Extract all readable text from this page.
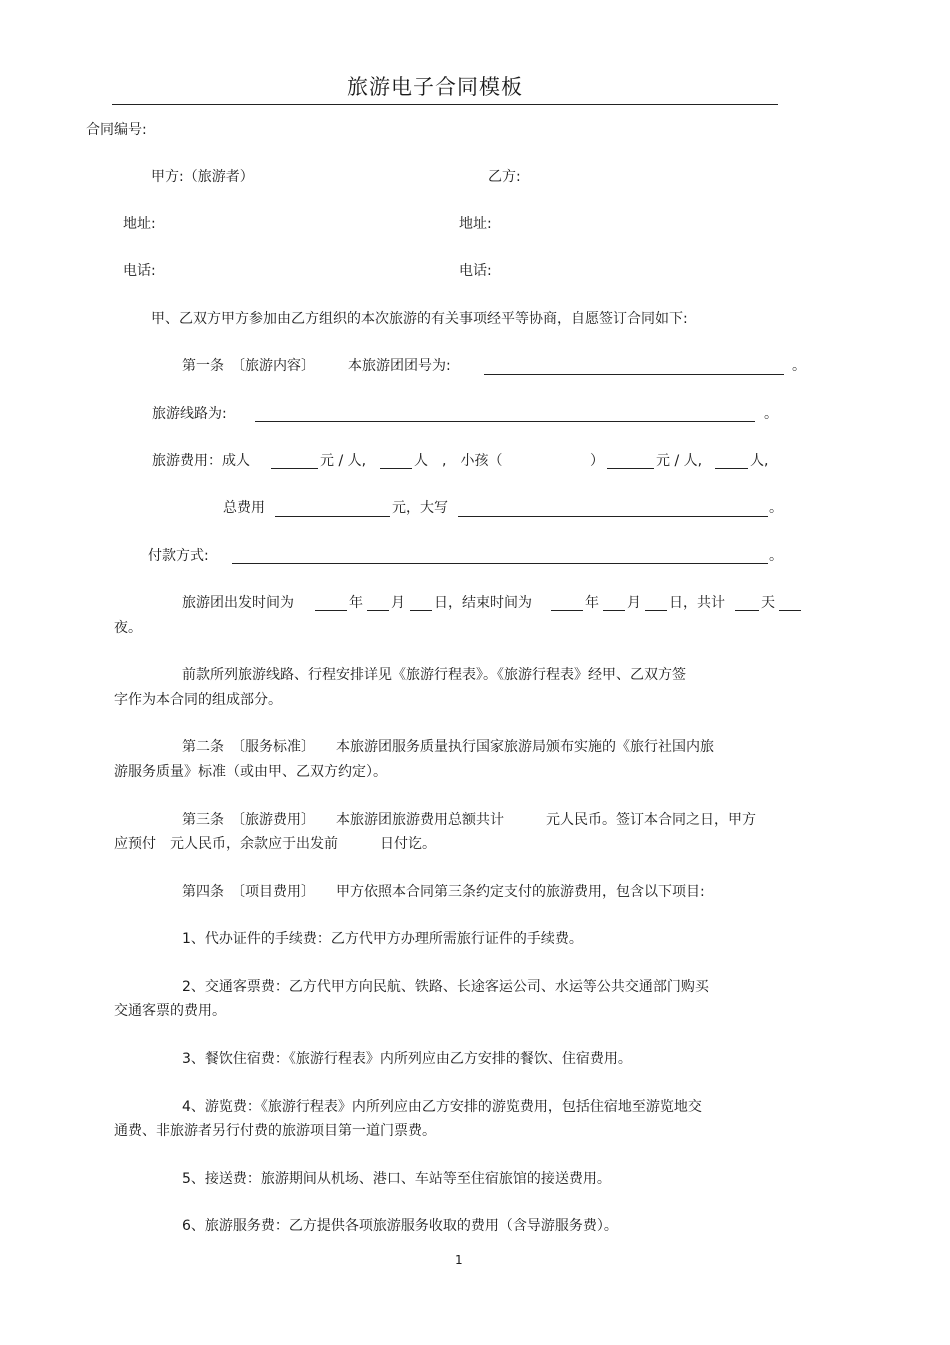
旅游电子合同模板
合同编号:
甲方:（旅游者）	乙方:
地址:	地址:
电话:	电话:
甲、乙双方甲方参加由乙方组织的本次旅游的有关事项经平等协商，自愿签订合同如下:
第一条　〔旅游内容〕 本旅游团团号为:	。
旅游线路为:	。
旅游费用：成人	元 / 人,	人　,　小孩（	）	元 / 人,	人,
总费用	元，大写	。
付款方式:	。
旅游团出发时间为	年 月 日，结束时间为	年 月 日，共计	天
夜。
前款所列旅游线路、行程安排详见《旅游行程表》。《旅游行程表》经甲、乙双方签
字作为本合同的组成部分。
第二条　〔服务标准〕　　本旅游团服务质量执行国家旅游局颁布实施的《旅行社国内旅
游服务质量》标准（或由甲、乙双方约定）。
第三条　〔旅游费用〕　　本旅游团旅游费用总额共计　　　元人民币。签订本合同之日，甲方
应预付　元人民币，余款应于出发前　　　日付讫。
第四条　〔项目费用〕　　甲方依照本合同第三条约定支付的旅游费用，包含以下项目:
1、代办证件的手续费：乙方代甲方办理所需旅行证件的手续费。
2、交通客票费：乙方代甲方向民航、铁路、长途客运公司、水运等公共交通部门购买
交通客票的费用。
3、餐饮住宿费：《旅游行程表》内所列应由乙方安排的餐饮、住宿费用。
4、游览费：《旅游行程表》内所列应由乙方安排的游览费用，包括住宿地至游览地交
通费、非旅游者另行付费的旅游项目第一道门票费。
5、接送费：旅游期间从机场、港口、车站等至住宿旅馆的接送费用。
6、旅游服务费：乙方提供各项旅游服务收取的费用（含导游服务费）。
1
